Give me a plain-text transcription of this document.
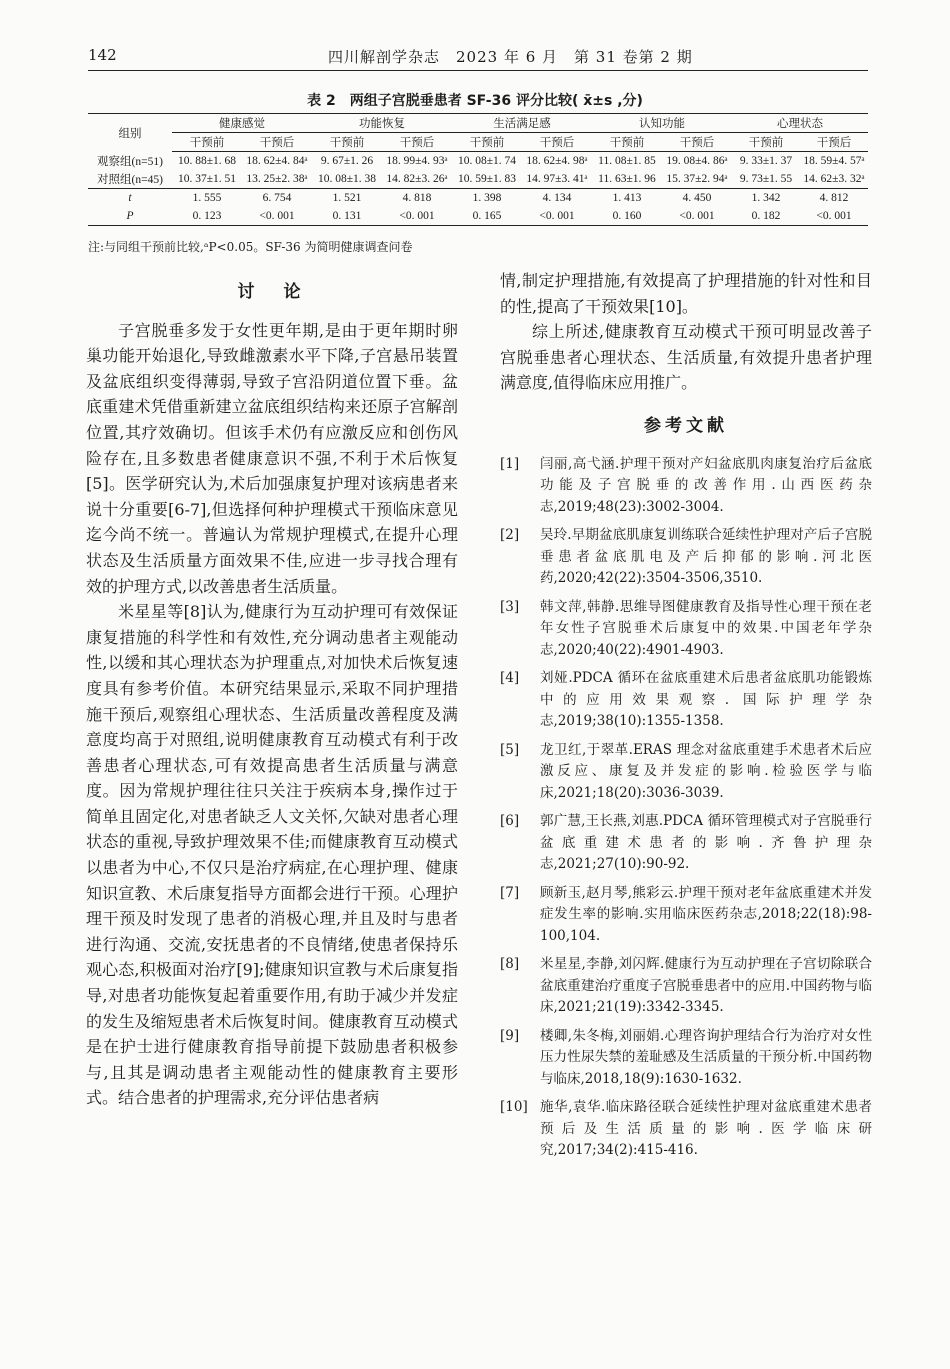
142	四川解剖学杂志　2023 年 6 月　第 31 卷第 2 期
表 2　两组子宫脱垂患者 SF-36 评分比较( x̄±s ,分)
组别	健康感觉		功能恢复		生活满足感		认知功能		心理状态	
	干预前	干预后	干预前	干预后	干预前	干预后	干预前	干预后	干预前	干预后
观察组(n=51)	10. 88±1. 68	18. 62±4. 84ᵃ	9. 67±1. 26	18. 99±4. 93ᵃ	10. 08±1. 74	18. 62±4. 98ᵃ	11. 08±1. 85	19. 08±4. 86ᵃ	9. 33±1. 37	18. 59±4. 57ᵃ
对照组(n=45)	10. 37±1. 51	13. 25±2. 38ᵃ	10. 08±1. 38	14. 82±3. 26ᵃ	10. 59±1. 83	14. 97±3. 41ᵃ	11. 63±1. 96	15. 37±2. 94ᵃ	9. 73±1. 55	14. 62±3. 32ᵃ
t	1. 555	6. 754	1. 521	4. 818	1. 398	4. 134	1. 413	4. 450	1. 342	4. 812
P	0. 123	<0. 001	0. 131	<0. 001	0. 165	<0. 001	0. 160	<0. 001	0. 182	<0. 001
注:与同组干预前比较,ᵃP<0.05。SF-36 为简明健康调查问卷
讨　论

子宫脱垂多发于女性更年期,是由于更年期时卵巢功能开始退化,导致雌激素水平下降,子宫悬吊装置及盆底组织变得薄弱,导致子宫沿阴道位置下垂。盆底重建术凭借重新建立盆底组织结构来还原子宫解剖位置,其疗效确切。但该手术仍有应激反应和创伤风险存在,且多数患者健康意识不强,不利于术后恢复[5]。医学研究认为,术后加强康复护理对该病患者来说十分重要[6-7],但选择何种护理模式干预临床意见迄今尚不统一。普遍认为常规护理模式,在提升心理状态及生活质量方面效果不佳,应进一步寻找合理有效的护理方式,以改善患者生活质量。

米星星等[8]认为,健康行为互动护理可有效保证康复措施的科学性和有效性,充分调动患者主观能动性,以缓和其心理状态为护理重点,对加快术后恢复速度具有参考价值。本研究结果显示,采取不同护理措施干预后,观察组心理状态、生活质量改善程度及满意度均高于对照组,说明健康教育互动模式有利于改善患者心理状态,可有效提高患者生活质量与满意度。因为常规护理往往只关注于疾病本身,操作过于简单且固定化,对患者缺乏人文关怀,欠缺对患者心理状态的重视,导致护理效果不佳;而健康教育互动模式以患者为中心,不仅只是治疗病症,在心理护理、健康知识宣教、术后康复指导方面都会进行干预。心理护理干预及时发现了患者的消极心理,并且及时与患者进行沟通、交流,安抚患者的不良情绪,使患者保持乐观心态,积极面对治疗[9];健康知识宣教与术后康复指导,对患者功能恢复起着重要作用,有助于减少并发症的发生及缩短患者术后恢复时间。健康教育互动模式是在护士进行健康教育指导前提下鼓励患者积极参与,且其是调动患者主观能动性的健康教育主要形式。结合患者的护理需求,充分评估患者病

情,制定护理措施,有效提高了护理措施的针对性和目的性,提高了干预效果[10]。

综上所述,健康教育互动模式干预可明显改善子宫脱垂患者心理状态、生活质量,有效提升患者护理满意度,值得临床应用推广。

参考文献
[1] 闫丽,高弋涵.护理干预对产妇盆底肌肉康复治疗后盆底功能及子宫脱垂的改善作用.山西医药杂志,2019;48(23):3002-3004.
[2] 吴玲.早期盆底肌康复训练联合延续性护理对产后子宫脱垂患者盆底肌电及产后抑郁的影响.河北医药,2020;42(22):3504-3506,3510.
[3] 韩文萍,韩静.思维导图健康教育及指导性心理干预在老年女性子宫脱垂术后康复中的效果.中国老年学杂志,2020;40(22):4901-4903.
[4] 刘娅.PDCA 循环在盆底重建术后患者盆底肌功能锻炼中的应用效果观察. 国际护理学杂志,2019;38(10):1355-1358.
[5] 龙卫红,于翠革.ERAS 理念对盆底重建手术患者术后应激反应、康复及并发症的影响.检验医学与临床,2021;18(20):3036-3039.
[6] 郭广慧,王长燕,刘惠.PDCA 循环管理模式对子宫脱垂行盆底重建术患者的影响.齐鲁护理杂志,2021;27(10):90-92.
[7] 顾新玉,赵月琴,熊彩云.护理干预对老年盆底重建术并发症发生率的影响.实用临床医药杂志,2018;22(18):98-100,104.
[8] 米星星,李静,刘闪辉.健康行为互动护理在子宫切除联合盆底重建治疗重度子宫脱垂患者中的应用.中国药物与临床,2021;21(19):3342-3345.
[9] 楼卿,朱冬梅,刘丽娟.心理咨询护理结合行为治疗对女性压力性尿失禁的羞耻感及生活质量的干预分析.中国药物与临床,2018,18(9):1630-1632.
[10] 施华,袁华.临床路径联合延续性护理对盆底重建术患者预后及生活质量的影响.医学临床研究,2017;34(2):415-416.
